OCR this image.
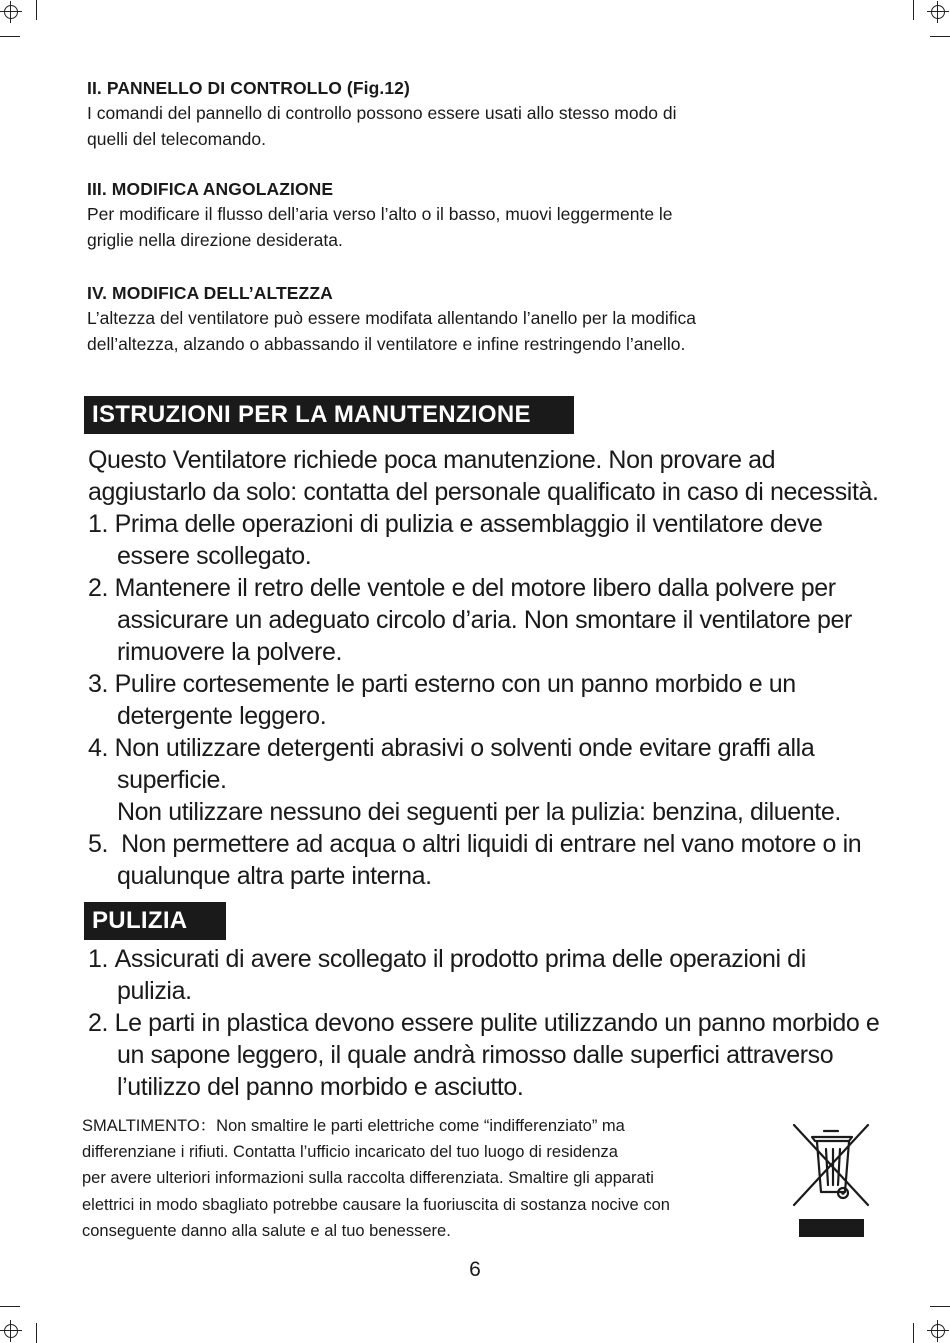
II. PANNELLO DI CONTROLLO (Fig.12)

I comandi del pannello di controllo possono essere usati allo stesso modo di

quelli del telecomando.

III. MODIFICA ANGOLAZIONE

Per modificare il flusso dell’aria verso l’alto o il basso, muovi leggermente le

griglie nella direzione desiderata.

IV. MODIFICA DELL’ALTEZZA

L’altezza del ventilatore può essere modifata allentando l’anello per la modifica

dell’altezza, alzando o abbassando il ventilatore e infine restringendo l’anello.

ISTRUZIONI PER LA MANUTENZIONE

Questo Ventilatore richiede poca manutenzione. Non provare ad

aggiustarlo da solo: contatta del personale qualificato in caso di necessità.

1. Prima delle operazioni di pulizia e assemblaggio il ventilatore deve

essere scollegato.

2. Mantenere il retro delle ventole e del motore libero dalla polvere per

assicurare un adeguato circolo d’aria. Non smontare il ventilatore per

rimuovere la polvere.

3. Pulire cortesemente le parti esterno con un panno morbido e un

detergente leggero.

4. Non utilizzare detergenti abrasivi o solventi onde evitare graffi alla

superficie.

Non utilizzare nessuno dei seguenti per la pulizia: benzina, diluente.

5. Non permettere ad acqua o altri liquidi di entrare nel vano motore o in

qualunque altra parte interna.

PULIZIA
1. Assicurati di avere scollegato il prodotto prima delle operazioni di

pulizia.

2. Le parti in plastica devono essere pulite utilizzando un panno morbido e

un sapone leggero, il quale andrà rimosso dalle superfici attraverso

l’utilizzo del panno morbido e asciutto.

SMALTIMENTO：Non smaltire le parti elettriche come “indifferenziato” ma

differenziane i rifiuti. Contatta l’ufficio incaricato del tuo luogo di residenza

per avere ulteriori informazioni sulla raccolta differenziata. Smaltire gli apparati

elettrici in modo sbagliato potrebbe causare la fuoriuscita di sostanza nocive con

conseguente danno alla salute e al tuo benessere.

6
